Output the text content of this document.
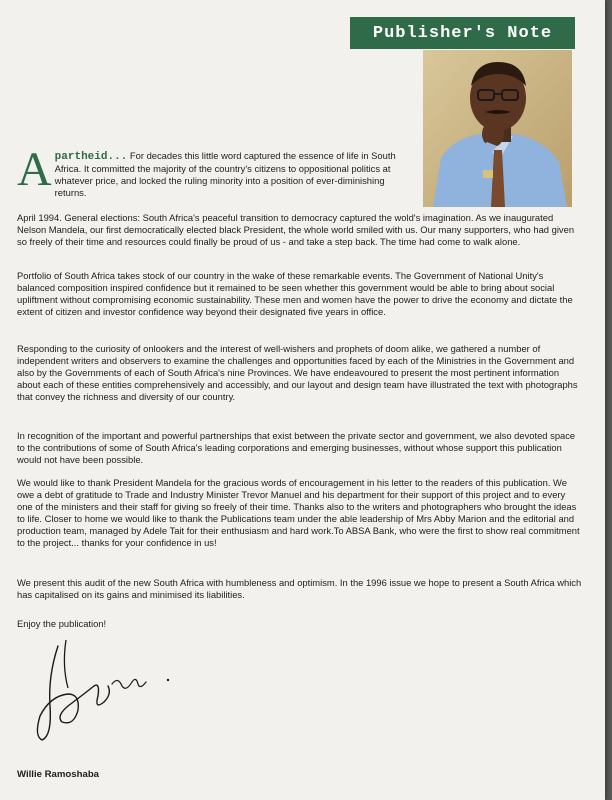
Publisher's Note
Apartheid... For decades this little word captured the essence of life in South Africa. It committed the majority of the country's citizens to oppositional politics at whatever price, and locked the ruling minority into a position of ever-diminishing returns.

April 1994. General elections: South Africa's peaceful transition to democracy captured the wold's imagination. As we inaugurated Nelson Mandela, our first democratically elected black President, the whole world smiled with us. Our many supporters, who had given so freely of their time and resources could finally be proud of us - and take a step back. The time had come to walk alone.

Portfolio of South Africa takes stock of our country in the wake of these remarkable events. The Government of National Unity's balanced composition inspired confidence but it remained to be seen whether this government would be able to bring about social upliftment without compromising economic sustainability. These men and women have the power to drive the economy and dictate the extent of citizen and investor confidence way beyond their designated five years in office.

Responding to the curiosity of onlookers and the interest of well-wishers and prophets of doom alike, we gathered a number of independent writers and observers to examine the challenges and opportunities faced by each of the Ministries in the Government and also by the Governments of each of South Africa's nine Provinces. We have endeavoured to present the most pertinent information about each of these entities comprehensively and accessibly, and our layout and design team have illustrated the text with photographs that convey the richness and diversity of our country.

In recognition of the important and powerful partnerships that exist between the private sector and government, we also devoted space to the contributions of some of South Africa's leading corporations and emerging businesses, without whose support this publication would not have been possible.

We would like to thank President Mandela for the gracious words of encouragement in his letter to the readers of this publication. We owe a debt of gratitude to Trade and Industry Minister Trevor Manuel and his department for their support of this project and to every one of the ministers and their staff for giving so freely of their time. Thanks also to the writers and photographers who brought the ideas to life. Closer to home we would like to thank the Publications team under the able leadership of Mrs Abby Marion and the editorial and production team, managed by Adele Tait for their enthusiasm and hard work.To ABSA Bank, who were the first to show real commitment to the project... thanks for your confidence in us!

We present this audit of the new South Africa with humbleness and optimism. In the 1996 issue we hope to present a South Africa which has capitalised on its gains and minimised its liabilities.

Enjoy the publication!

Willie Ramoshaba
